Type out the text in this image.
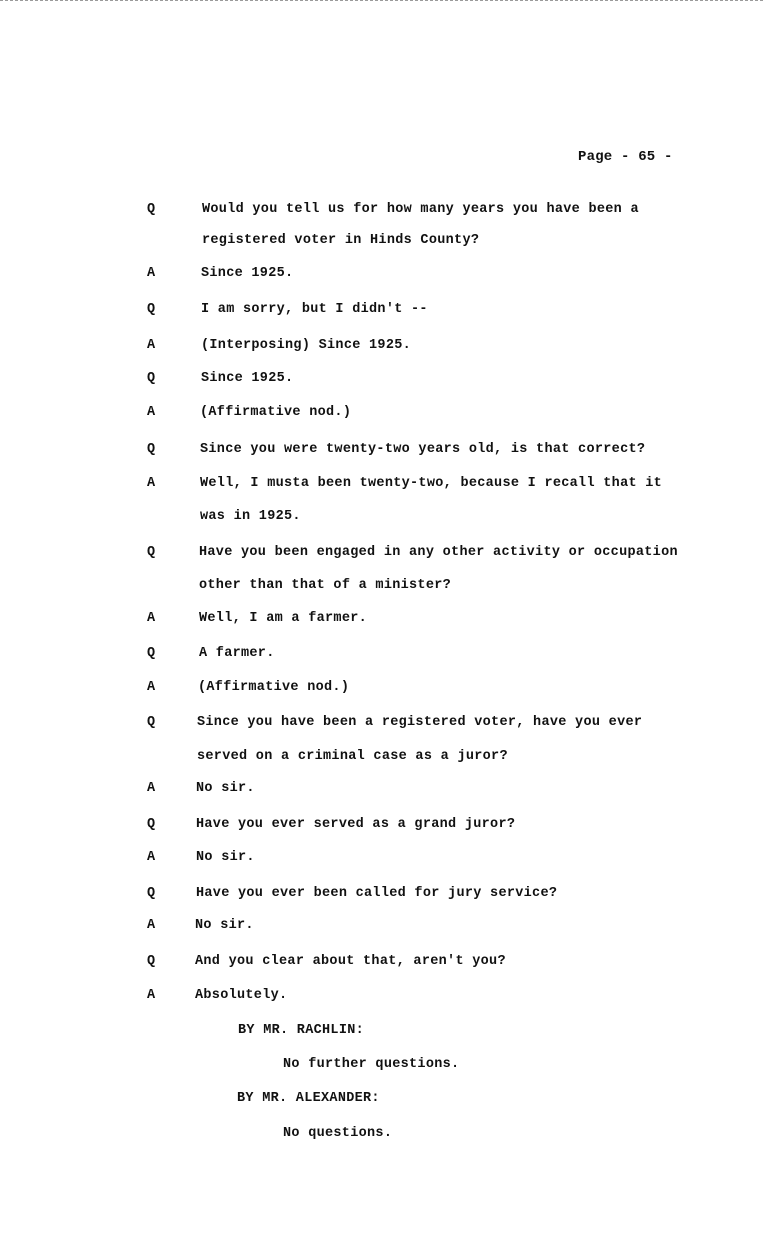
Page - 65 -
Q	Would you tell us for how many years you have been a
registered voter in Hinds County?
A	Since 1925.
Q	I am sorry, but I didn't --
A	(Interposing) Since 1925.
Q	Since 1925.
A	(Affirmative nod.)
Q	Since you were twenty-two years old, is that correct?
A	Well, I musta been twenty-two, because I recall that it
was in 1925.
Q	Have you been engaged in any other activity or occupation
other than that of a minister?
A	Well, I am a farmer.
Q	A farmer.
A	(Affirmative nod.)
Q	Since you have been a registered voter, have you ever
served on a criminal case as a juror?
A	No sir.
Q	Have you ever served as a grand juror?
A	No sir.
Q	Have you ever been called for jury service?
A	No sir.
Q	And you clear about that, aren't you?
A	Absolutely.
BY MR. RACHLIN:
No further questions.
BY MR. ALEXANDER:
No questions.
